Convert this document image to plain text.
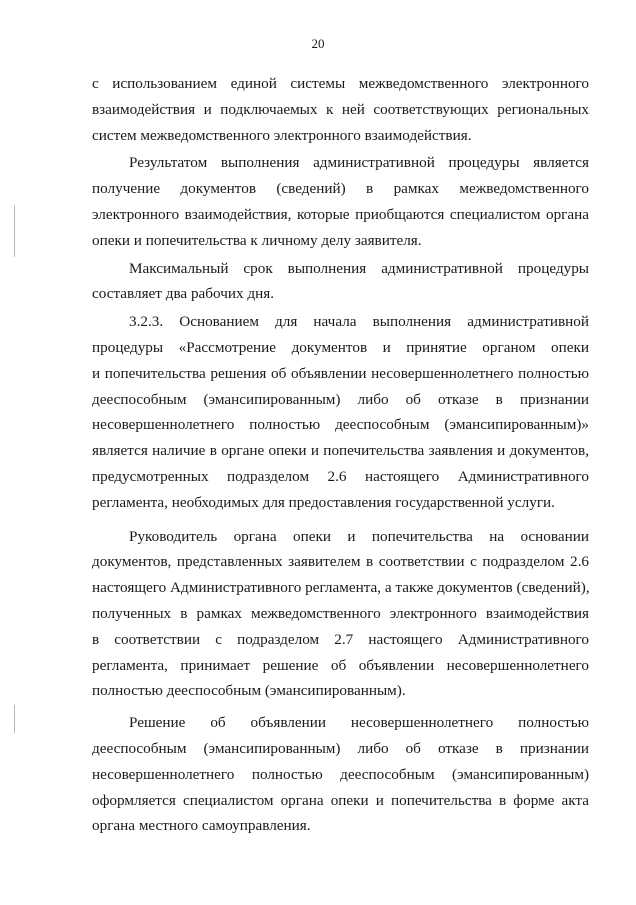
20
с использованием единой системы межведомственного электронного
взаимодействия и подключаемых к ней соответствующих региональных
систем межведомственного электронного взаимодействия.
Результатом выполнения административной процедуры является
получение документов (сведений) в рамках межведомственного
электронного взаимодействия, которые приобщаются специалистом органа
опеки и попечительства к личному делу заявителя.
Максимальный срок выполнения административной процедуры
составляет два рабочих дня.
3.2.3. Основанием для начала выполнения административной
процедуры «Рассмотрение документов и принятие органом опеки
и попечительства решения об объявлении несовершеннолетнего полностью
дееспособным (эмансипированным) либо об отказе в признании
несовершеннолетнего полностью дееспособным (эмансипированным)»
является наличие в органе опеки и попечительства заявления и документов,
предусмотренных подразделом 2.6 настоящего Административного
регламента, необходимых для предоставления государственной услуги.
Руководитель органа опеки и попечительства на основании
документов, представленных заявителем в соответствии с подразделом 2.6
настоящего Административного регламента, а также документов (сведений),
полученных в рамках межведомственного электронного взаимодействия
в соответствии с подразделом 2.7 настоящего Административного
регламента, принимает решение об объявлении несовершеннолетнего
полностью дееспособным (эмансипированным).
Решение об объявлении несовершеннолетнего полностью
дееспособным (эмансипированным) либо об отказе в признании
несовершеннолетнего полностью дееспособным (эмансипированным)
оформляется специалистом органа опеки и попечительства в форме акта
органа местного самоуправления.
